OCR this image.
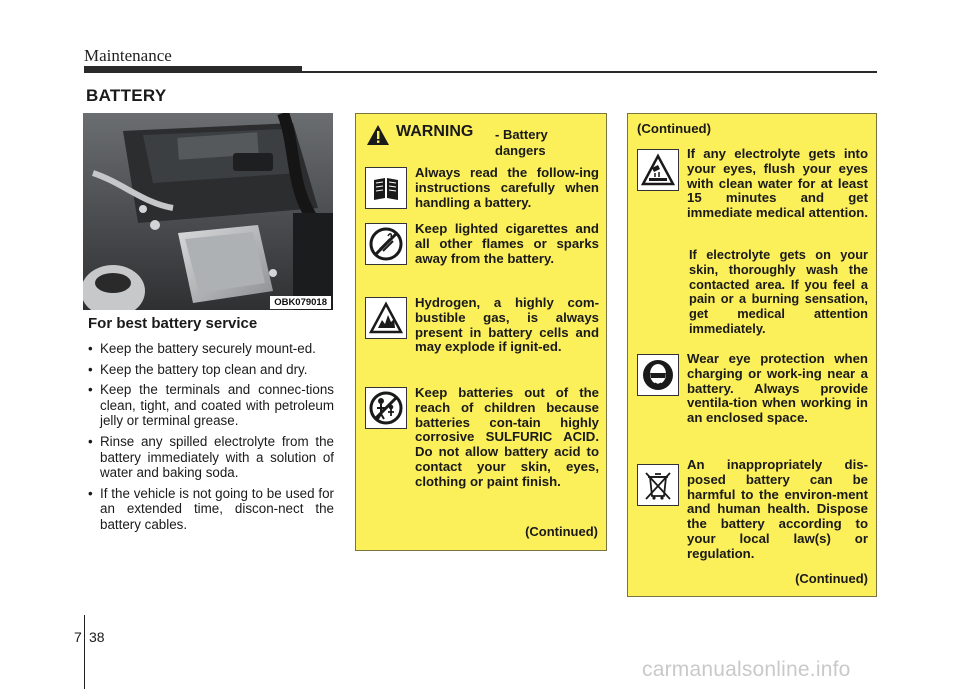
Maintenance
BATTERY
OBK079018
For best battery service
• Keep the battery securely mount-ed.
• Keep the battery top clean and dry.
• Keep the terminals and connec-tions clean, tight, and coated with petroleum jelly or terminal grease.
• Rinse any spilled electrolyte from the battery immediately with a solution of water and baking soda.
• If the vehicle is not going to be used for an extended time, discon-nect the battery cables.
WARNING - Battery
dangers
Always read the follow-ing instructions carefully when handling a battery.
Keep lighted cigarettes and all other flames or sparks away from the battery.
Hydrogen, a highly com-bustible gas, is always present in battery cells and may explode if ignit-ed.
Keep batteries out of the reach of children because batteries con-tain highly corrosive SULFURIC ACID. Do not allow battery acid to contact your skin, eyes, clothing or paint finish.
(Continued)
(Continued)
If any electrolyte gets into your eyes, flush your eyes with clean water for at least 15 minutes and get immediate medical attention.
If electrolyte gets on your skin, thoroughly wash the contacted area. If you feel a pain or a burning sensation, get medical attention immediately.
Wear eye protection when charging or work-ing near a battery. Always provide ventila-tion when working in an enclosed space.
An inappropriately dis-posed battery can be harmful to the environ-ment and human health. Dispose the battery according to your local law(s) or regulation.
(Continued)
7 38
carmanualsonline.info
